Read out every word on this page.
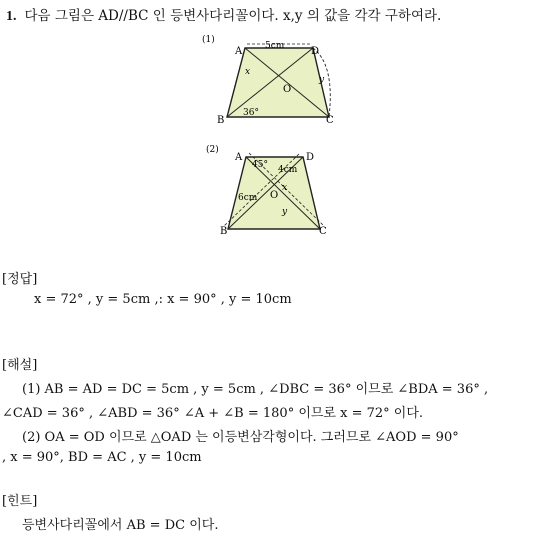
1. 다음 그림은 AD//BC 인 등변사다리꼴이다. x,y 의 값을 각각 구하여라.
(1)
A	D
B	C
O
5cm
36°
x
y
(2)
A	D
B	C
O
45° 4cm
6cm
x
y
[정답]
x = 72° , y = 5cm ,: x = 90° , y = 10cm
[해설]
(1) AB = AD = DC = 5cm , y = 5cm , ∠DBC = 36° 이므로 ∠BDA = 36° ,
∠CAD = 36° , ∠ABD = 36° ∠A + ∠B = 180° 이므로 x = 72° 이다.
(2) OA = OD 이므로 △OAD 는 이등변삼각형이다. 그러므로 ∠AOD = 90°
, x = 90°, BD = AC , y = 10cm
[힌트]
등변사다리꼴에서 AB = DC 이다.
